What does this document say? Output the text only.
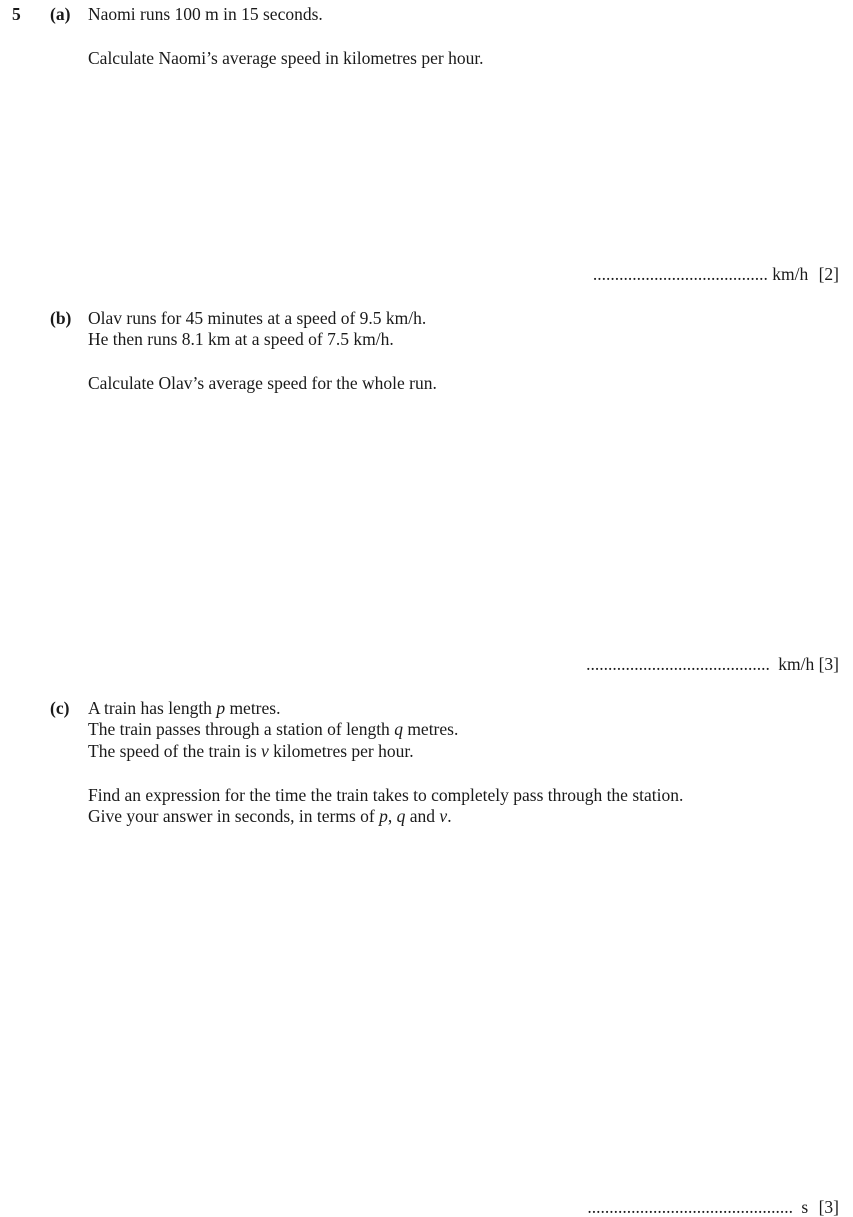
5 (a) Naomi runs 100 m in 15 seconds.
Calculate Naomi’s average speed in kilometres per hour.
........................................ km/h [2]
(b) Olav runs for 45 minutes at a speed of 9.5 km/h.
He then runs 8.1 km at a speed of 7.5 km/h.
Calculate Olav’s average speed for the whole run.
.......................................... km/h [3]
(c) A train has length p metres.
The train passes through a station of length q metres.
The speed of the train is v kilometres per hour.
Find an expression for the time the train takes to completely pass through the station.
Give your answer in seconds, in terms of p, q and v.
............................................... s [3]
